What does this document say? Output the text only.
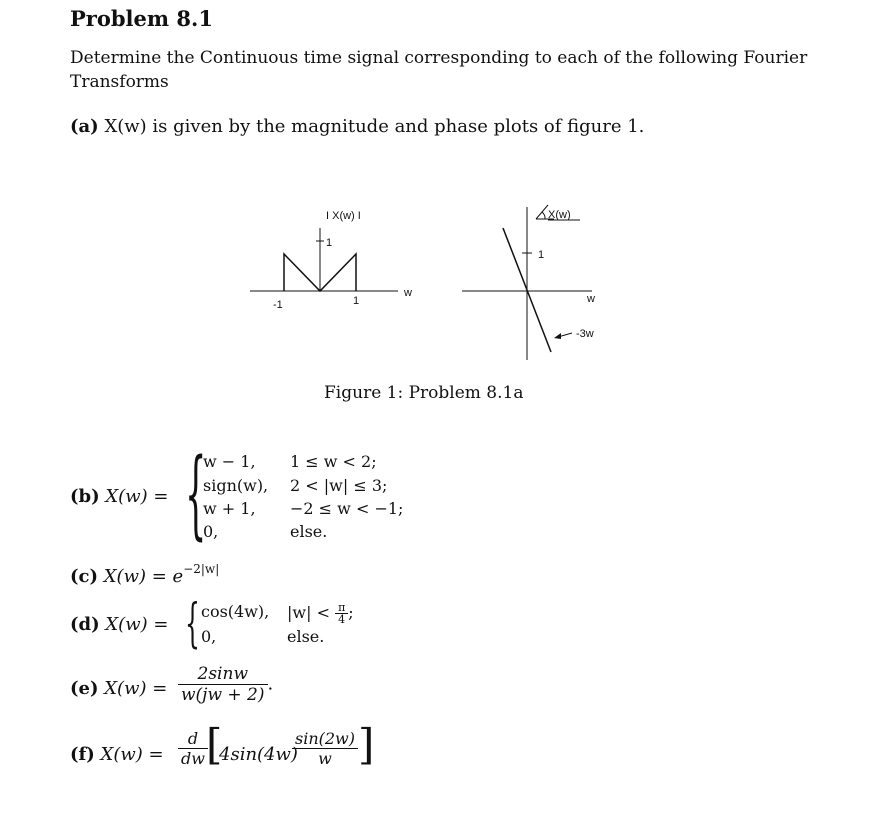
Problem 8.1
Determine the Continuous time signal corresponding to each of the following Fourier Transforms
(a) X(w) is given by the magnitude and phase plots of figure 1.
I X(w) I
1
-1	1
w
X(w)
1
w
-3w
Figure 1: Problem 8.1a
(b) X(w) = {
w − 1,
sign(w),
w + 1,
0,
1 ≤ w < 2;
2 < |w| ≤ 3;
−2 ≤ w < −1;
else.
(c) $X(w) = e^{-2|w|}$
(d) X(w) = { cos(4w),
0,
$|w| < \frac{\pi}{4}$ ;
else.
(e) $X(w) = \frac{2\sin w}{w(jw + 2)}$ .
(f) $X(w) = \frac{d}{dw}$
[
4sin(4w)
$\frac{\sin(2w)}{w}$ ]
